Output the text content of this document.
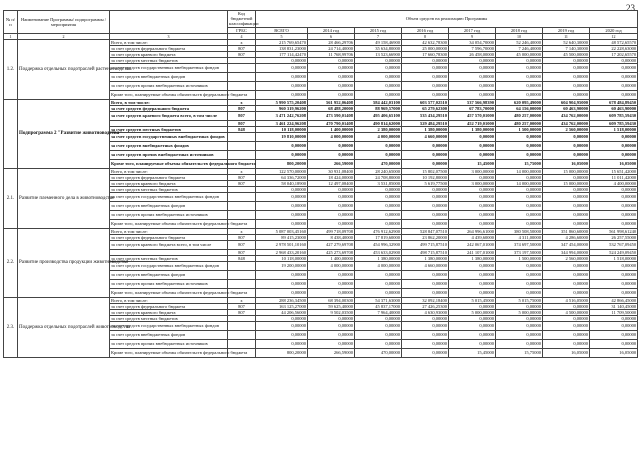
23
№ п/п	Наименование Программы/ подпрограммы / мероприятия		Код бюджетной классификации	Объем средств на реализацию Программы							
			ГРБС	ВСЕГО	2014 год	2015 год	2016 год	2017 год	2018 год	2019 год	2020 год
1	2	3	4	5	6	7	8	9	10	11	12
1.2.	Поддержка отдельных подотраслей растениеводства	Всего, в том числе:	х	215 769,65470	28 466,29706	49 158,46900	42 632,78300	34 054,70000	52 246,40000	52 640,30000	48 572,65570
		за счет средств федерального бюджета	807	138 831,23000	24 714,40000	35 634,80000	25 000,00000	7 596,70000	7 246,40000	7 140,30000	22 228,63000
		за счет средств краевого бюджета	807	177 114,42470	11 768,99706	13 523,66900	17 660,78300	26 458,00000	45 000,00000	45 500,00000	17 202,65570
		за счет средств местных бюджетов		0,00000	0,00000	0,00000	0,00000	0,00000	0,00000	0,00000	0,00000
		за счет средств государственных внебюджетных фондов		0,00000	0,00000	0,00000	0,00000	0,00000	0,00000	0,00000	0,00000
		за счет средств внебюджетных фондов		0,00000	0,00000	0,00000	0,00000	0,00000	0,00000	0,00000	0,00000
		за счет средств прочих внебюджетных источников		0,00000	0,00000	0,00000	0,00000	0,00000	0,00000	0,00000	0,00000
		Кроме того, планируемые объемы обязательств федерального бюджета		0,00000	0,00000	0,00000	0,00000	0,00000	0,00000	0,00000	0,00000
	Подпрограмма 2 "Развитие животноводства"	Всего, в том числе:	х	5 990 575,20408	561 952,06408	584 442,03100	603 577,02510	537 566,98390	620 095,49000	604 904,95000	678 484,89450
		за счет средств федерального бюджета	807	960 319,96200	68 488,20000	88 969,57000	65 279,62300	67 783,70000	64 156,00000	60 463,90000	60 463,90000
		за счет средств краевого бюджета всего, в том числе	807	3 471 242,76208	473 590,01408	495 406,65100	535 434,29510	457 570,01000	480 257,00000	434 762,00000	609 785,59430
			807	3 461 224,96208	470 790,01408	490 814,62000	529 484,29510	452 719,01000	480 257,00000	434 762,00000	609 785,59430
		за счет средств местных бюджетов	848	10 118,00000	1 400,00000	2 380,00000	1 380,00000	1 380,00000	1 500,00000	2 560,00000	1 518,00000
		за счет средств государственных внебюджетных фондов		19 810,00000	4 000,00000	4 000,00000	4 660,00000	0,00000	0,00000	0,00000	0,00000
		за счет средств внебюджетных фондов		0,00000	0,00000	0,00000	0,00000	0,00000	0,00000	0,00000	0,00000
		за счет средств прочих внебюджетных источников		0,00000	0,00000	0,00000	0,00000	0,00000	0,00000	0,00000	0,00000
		Кроме того, планируемые объемы обязательств федерального бюджета		800,20000	266,59000	470,00000	0,00000	15,45000	15,75000	16,05000	16,05000
2.1.	Развитие племенного дела в животноводстве	Всего, в том числе:	х	122 570,00000	30 931,08400	28 240,65000	15 802,07500	3 000,00000	14 000,00000	15 000,00000	15 651,42000
		за счет средств федерального бюджета	807	64 336,72000	18 424,00000	24 708,80000	10 192,80000	0,00000	0,00000	0,00000	11 011,42000
		за счет средств краевого бюджета	807	58 040,18900	12 497,08400	3 531,85000	5 619,77500	3 000,00000	14 000,00000	15 000,00000	4 400,00000
		за счет средств местных бюджетов		0,00000	0,00000	0,00000	0,00000	0,00000	0,00000	0,00000	0,00000
		за счет средств государственных внебюджетных фондов		0,00000	0,00000	0,00000	0,00000	0,00000	0,00000	0,00000	0,00000
		за счет средств внебюджетных фондов		0,00000	0,00000	0,00000	0,00000	0,00000	0,00000	0,00000	0,00000
		за счет средств прочих внебюджетных источников		0,00000	0,00000	0,00000	0,00000	0,00000	0,00000	0,00000	0,00000
		Кроме того, планируемые объемы обязательств федерального бюджета		0,00000	0,00000	0,00000	0,00000	0,00000	0,00000	0,00000	0,00000
2.2.	Развитие производства продукции животноводства	Всего, в том числе:	х	5 087 003,45160	499 718,09708	476 912,62900	528 847,07510	264 996,61000	380 508,50000	351 860,60000	561 998,61240
		за счет средств федерального бюджета	807	89 415,23000	8 438,40000	17 819,60000	23 862,20000	4 439,60000	4 311,00000	4 286,60000	26 257,55000
		за счет средств краевого бюджета всего, в том числе	807	2 978 501,10160	427 279,69708	454 996,32900	499 715,87510	242 067,01000	374 697,50000	347 454,00000	532 767,09450
			807	2 968 433,20160	425 273,69708	453 633,02900	498 715,87510	241 107,01000	373 197,50000	344 994,00000	524 249,09450
		за счет средств местных бюджетов	848	10 118,00000	1 400,00000	1 380,00000	1 380,00000	1 380,00000	1 500,00000	2 560,00000	1 518,00000
		за счет средств государственных внебюджетных фондов		19 200,00000	4 000,00000	4 000,00000	4 660,00000	0,00000	0,00000	0,00000	0,00000
		за счет средств внебюджетных фондов		0,00000	0,00000	0,00000	0,00000	0,00000	0,00000	0,00000	0,00000
		за счет средств прочих внебюджетных источников		0,00000	0,00000	0,00000	0,00000	0,00000	0,00000	0,00000	0,00000
		Кроме того, планируемые объемы обязательств федерального бюджета		0,00000	0,00000	0,00000	0,00000	0,00000	0,00000	0,00000	0,00000
2.3.	Поддержка отдельных подотраслей животноводства	Всего, в том числе:	х	288 236,34500	68 394,00300	54 371,63000	32 092,18400	5 015,45000	5 015,75000	4 516,05000	42 866,45000
		за счет средств федерального бюджета	807	163 125,27000	59 625,40000	45 837,17000	27 426,25300	0,00000	0,00000	0,00000	31 140,45000
		за счет средств краевого бюджета	807	44 206,56000	9 502,03500	7 964,40000	4 630,93000	5 000,00000	5 000,00000	4 500,00000	11 709,50000
		за счет средств местных бюджетов		0,00000	0,00000	0,00000	0,00000	0,00000	0,00000	0,00000	0,00000
		за счет средств государственных внебюджетных фондов		0,00000	0,00000	0,00000	0,00000	0,00000	0,00000	0,00000	0,00000
		за счет средств внебюджетных фондов		0,00000	0,00000	0,00000	0,00000	0,00000	0,00000	0,00000	0,00000
		за счет средств прочих внебюджетных источников		0,00000	0,00000	0,00000	0,00000	0,00000	0,00000	0,00000	0,00000
		Кроме того, планируемые объемы обязательств федерального бюджета		800,20000	266,59000	470,00000	0,00000	15,45000	15,75000	16,05000	16,05000
